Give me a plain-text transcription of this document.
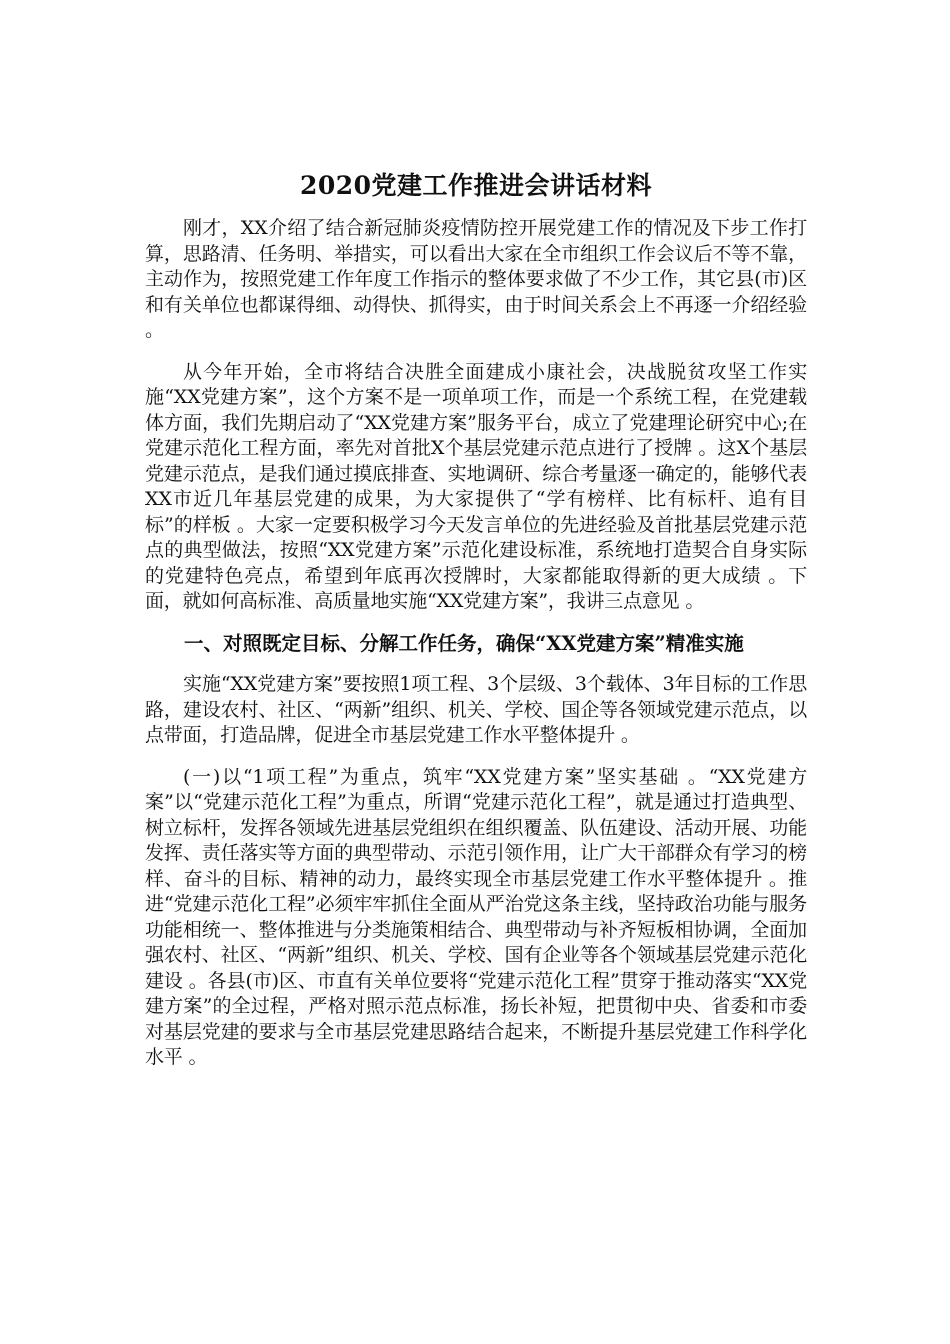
2020党建工作推进会讲话材料

刚才，XX介绍了结合新冠肺炎疫情防控开展党建工作的情况及下步工作打算，思路清、任务明、举措实，可以看出大家在全市组织工作会议后不等不靠，主动作为，按照党建工作年度工作指示的整体要求做了不少工作，其它县(市)区和有关单位也都谋得细、动得快、抓得实，由于时间关系会上不再逐一介绍经验 。

从今年开始，全市将结合决胜全面建成小康社会，决战脱贫攻坚工作实施“XX党建方案”，这个方案不是一项单项工作，而是一个系统工程，在党建载体方面，我们先期启动了“XX党建方案”服务平台，成立了党建理论研究中心;在党建示范化工程方面，率先对首批X个基层党建示范点进行了授牌 。这X个基层党建示范点，是我们通过摸底排查、实地调研、综合考量逐一确定的，能够代表XX市近几年基层党建的成果，为大家提供了“学有榜样、比有标杆、追有目标”的样板 。大家一定要积极学习今天发言单位的先进经验及首批基层党建示范点的典型做法，按照“XX党建方案”示范化建设标准，系统地打造契合自身实际的党建特色亮点，希望到年底再次授牌时，大家都能取得新的更大成绩 。下面，就如何高标准、高质量地实施“XX党建方案”，我讲三点意见 。

一、对照既定目标、分解工作任务，确保“XX党建方案”精准实施

实施“XX党建方案”要按照1项工程、3个层级、3个载体、3年目标的工作思路，建设农村、社区、“两新”组织、机关、学校、国企等各领域党建示范点，以点带面，打造品牌，促进全市基层党建工作水平整体提升 。

(一)以“1项工程”为重点，筑牢“XX党建方案”坚实基础 。“XX党建方案”以“党建示范化工程”为重点，所谓“党建示范化工程”，就是通过打造典型、树立标杆，发挥各领域先进基层党组织在组织覆盖、队伍建设、活动开展、功能发挥、责任落实等方面的典型带动、示范引领作用，让广大干部群众有学习的榜样、奋斗的目标、精神的动力，最终实现全市基层党建工作水平整体提升 。推进“党建示范化工程”必须牢牢抓住全面从严治党这条主线，坚持政治功能与服务功能相统一、整体推进与分类施策相结合、典型带动与补齐短板相协调，全面加强农村、社区、“两新”组织、机关、学校、国有企业等各个领域基层党建示范化建设 。各县(市)区、市直有关单位要将“党建示范化工程”贯穿于推动落实“XX党建方案”的全过程，严格对照示范点标准，扬长补短，把贯彻中央、省委和市委对基层党建的要求与全市基层党建思路结合起来，不断提升基层党建工作科学化水平 。
